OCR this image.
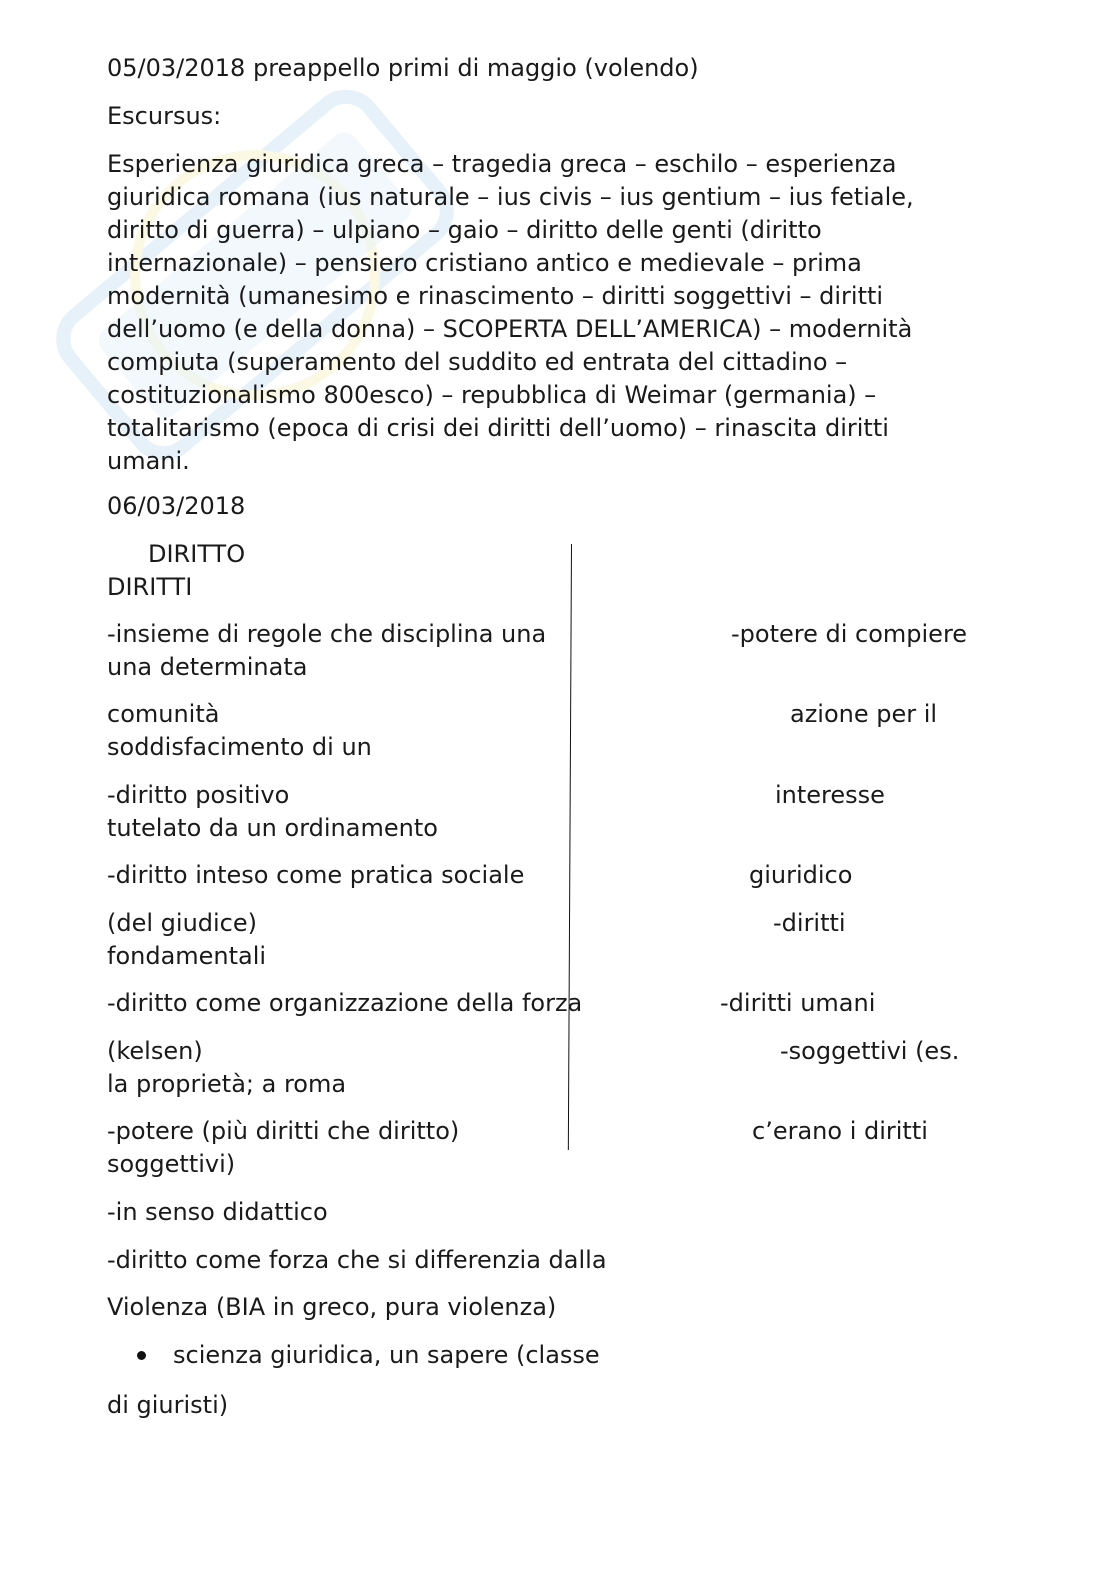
05/03/2018 preappello primi di maggio (volendo)

Escursus:

Esperienza giuridica greca – tragedia greca – eschilo – esperienza
giuridica romana (ius naturale – ius civis – ius gentium – ius fetiale,
diritto di guerra) – ulpiano – gaio – diritto delle genti (diritto
internazionale) – pensiero cristiano antico e medievale – prima
modernità (umanesimo e rinascimento – diritti soggettivi – diritti
dell’uomo (e della donna) – SCOPERTA DELL’AMERICA) – modernità
compiuta (superamento del suddito ed entrata del cittadino –
costituzionalismo 800esco) – repubblica di Weimar (germania) –
totalitarismo (epoca di crisi dei diritti dell’uomo) – rinascita diritti
umani.

06/03/2018

DIRITTO

DIRITTI

-insieme di regole che disciplina una	-potere di compiere

una determinata

comunità	azione per il

soddisfacimento di un

-diritto positivo	interesse

tutelato da un ordinamento

-diritto inteso come pratica sociale	giuridico
(del giudice)	-diritti

fondamentali

-diritto come organizzazione della forza	-diritti umani
(kelsen)	-soggettivi (es.

la proprietà; a roma

-potere (più diritti che diritto)	c’erano i diritti

soggettivi)

-in senso didattico

-diritto come forza che si differenzia dalla

Violenza (BIA in greco, pura violenza)

scienza giuridica, un sapere (classe

di giuristi)
